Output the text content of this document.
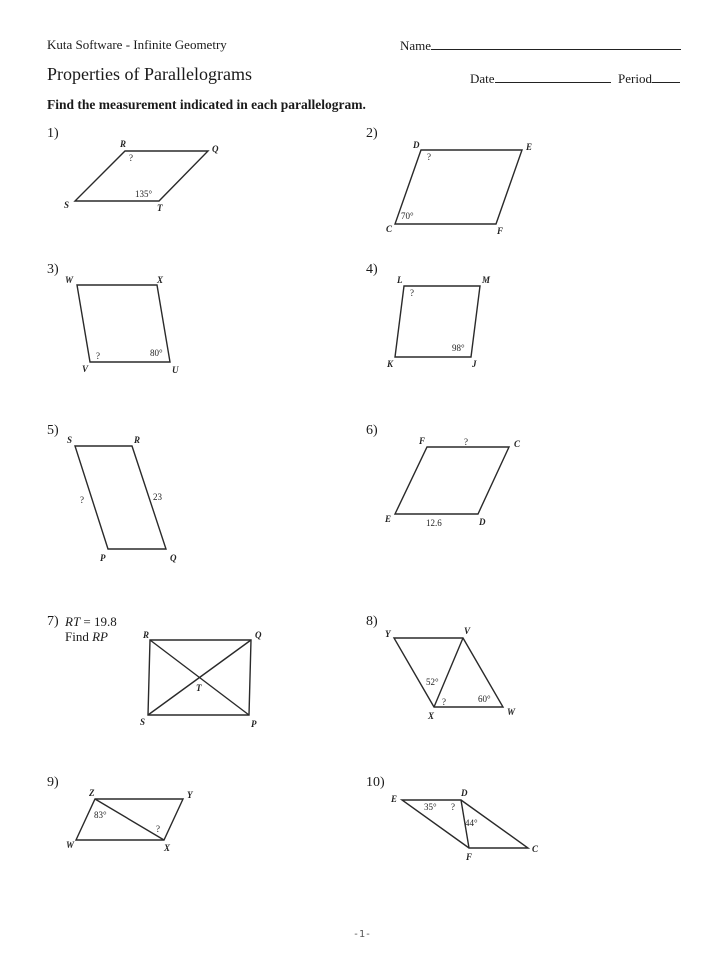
Kuta Software - Infinite Geometry	Name
Properties of Parallelograms	Date	Period
Find the measurement indicated in each parallelogram.
1)
R	Q
S	T
?
135°
2)
D	E
C	F
?
70°
3)
W	X
V	U
?	80°
4)
L	M
K	J
?
98°
5)
S	R
P	Q
?	23
6)
F	C
E	D
?
12.6
7) RT = 19.8
Find RP	R	Q
S	P
T
8)
Y	V
X	W
52°
60°
?
9)
Z	Y
W	X
83°
?
10)
E
D
F
C
35° ?
44°
-1-
